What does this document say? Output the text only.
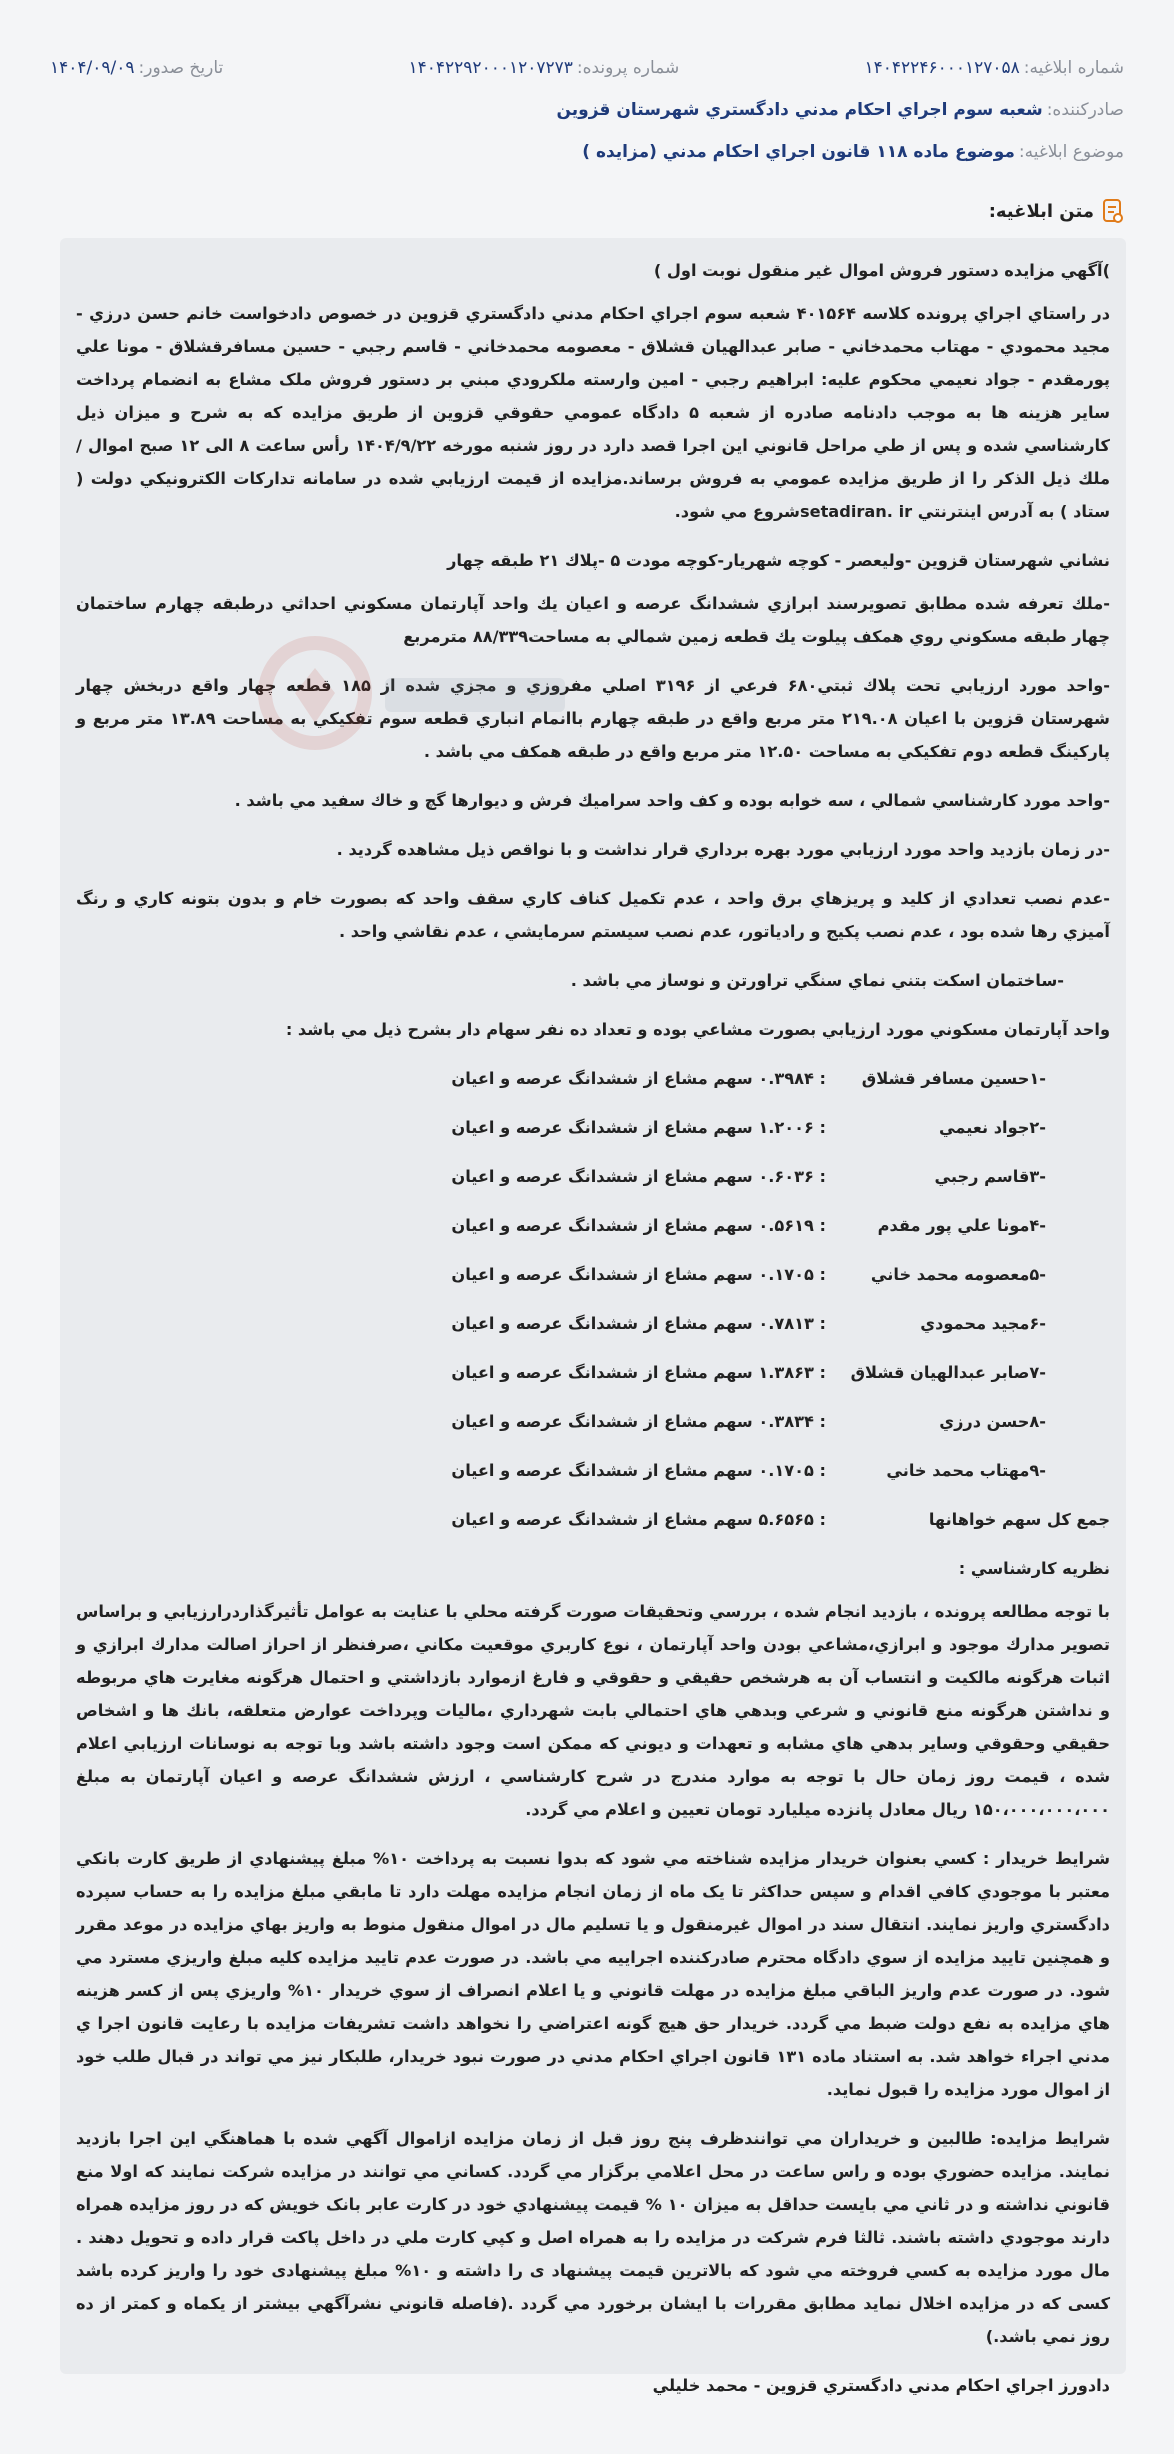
شماره ابلاغیه:
۱۴۰۴۲۲۴۶۰۰۰۱۲۷۰۵۸
شماره پرونده:
۱۴۰۴۲۲۹۲۰۰۰۱۲۰۷۲۷۳
تاریخ صدور:
۱۴۰۴/۰۹/۰۹
صادرکننده:
شعبه سوم اجراي احكام مدني دادگستري شهرستان قزوين
موضوع ابلاغیه:
موضوع ماده ۱۱۸ قانون اجراي احكام مدني (مزايده )
متن ابلاغیه:

)آگهي مزايده دستور فروش اموال غير منقول نوبت اول )

در راستاي اجراي پرونده كلاسه ۴۰۱۵۶۴ شعبه سوم اجراي احكام مدني دادگستري قزوين در خصوص دادخواست خانم حسن درزي - مجيد محمودي - مهتاب محمدخاني - صابر عبدالهيان قشلاق - معصومه محمدخاني - قاسم رجبي - حسين مسافرقشلاق - مونا علي پورمقدم - جواد نعيمي محکوم علیه: ابراهيم رجبي - امين وارسته ملكرودي مبني بر دستور فروش ملک مشاع به انضمام پرداخت ساير هزينه ها به موجب دادنامه صادره از شعبه ۵ دادگاه عمومي حقوقي قزوين از طريق مزايده که به شرح و ميزان ذيل كارشناسي شده و پس از طي مراحل قانوني اين اجرا قصد دارد در روز شنبه مورخه ۱۴۰۴/۹/۲۲ رأس ساعت ۸ الی ۱۲ صبح اموال / ملك ذيل الذكر را از طريق مزايده عمومي به فروش برساند.مزايده از قيمت ارزيابي شده در سامانه تداركات الكترونيكي دولت ( ستاد ) به آدرس اينترنتي setadiran. irشروع مي شود.

نشاني شهرستان قزوين -وليعصر - كوچه شهريار-كوچه مودت ۵ -پلاك ۲۱ طبقه چهار

-ملك تعرفه شده مطابق تصويرسند ابرازي ششدانگ عرصه و اعيان يك واحد آپارتمان مسكوني احداثي درطبقه چهارم ساختمان چهار طبقه مسكوني روي همكف پيلوت يك قطعه زمين شمالي به مساحت۸۸/۳۳۹ مترمربع

-واحد مورد ارزيابي تحت پلاك ثبتي۶۸۰ فرعي از ۳۱۹۶ اصلي مفروزي و مجزي شده از ۱۸۵ قطعه چهار واقع دربخش چهار شهرستان قزوين با اعيان ۲۱۹.۰۸ متر مربع واقع در طبقه چهارم باانمام انباري قطعه سوم تفكيكي به مساحت ۱۳.۸۹ متر مربع و پاركينگ قطعه دوم تفكيكي به مساحت ۱۲.۵۰ متر مربع واقع در طبقه همكف مي باشد .

-واحد مورد كارشناسي شمالي ، سه خوابه بوده و كف واحد سراميك فرش و ديوارها گچ و خاك سفيد مي باشد .

-در زمان بازديد واحد مورد ارزيابي مورد بهره برداري قرار نداشت و با نواقص ذيل مشاهده گرديد .

-عدم نصب تعدادي از كليد و پريزهاي برق واحد ، عدم تكميل كناف كاري سقف واحد كه بصورت خام و بدون بتونه كاري و رنگ آميزي رها شده بود ، عدم نصب پكيج و رادياتور، عدم نصب سيستم سرمايشي ، عدم نقاشي واحد .

-ساختمان اسكت بتني نماي سنگي تراورتن و نوساز مي باشد .

واحد آپارتمان مسكوني مورد ارزيابي بصورت مشاعي بوده و تعداد ده نفر سهام دار بشرح ذيل مي باشد :

-۱حسين مسافر قشلاق
: ۰.۳۹۸۴ سهم مشاع از ششدانگ عرصه و اعيان
-۲جواد نعيمي
: ۱.۲۰۰۶ سهم مشاع از ششدانگ عرصه و اعيان
-۳قاسم رجبي
: ۰.۶۰۳۶ سهم مشاع از ششدانگ عرصه و اعيان
-۴مونا علي پور مقدم
: ۰.۵۶۱۹ سهم مشاع از ششدانگ عرصه و اعيان
-۵معصومه محمد خاني
: ۰.۱۷۰۵ سهم مشاع از ششدانگ عرصه و اعيان
-۶مجيد محمودي
: ۰.۷۸۱۳ سهم مشاع از ششدانگ عرصه و اعيان
-۷صابر عبدالهيان قشلاق
: ۱.۳۸۶۳ سهم مشاع از ششدانگ عرصه و اعيان
-۸حسن درزي
: ۰.۳۸۳۴ سهم مشاع از ششدانگ عرصه و اعيان
-۹مهتاب محمد خاني
: ۰.۱۷۰۵ سهم مشاع از ششدانگ عرصه و اعيان
جمع كل سهم خواهانها
: ۵.۶۵۶۵ سهم مشاع از ششدانگ عرصه و اعيان

نظريه كارشناسي :

با توجه مطالعه پرونده ، بازديد انجام شده ، بررسي وتحقيقات صورت گرفته محلي با عنايت به عوامل تأثيرگذاردرارزيابي و براساس تصوير مدارك موجود و ابرازي،مشاعي بودن واحد آپارتمان ، نوع كاربري موقعيت مكاني ،صرفنظر از احراز اصالت مدارك ابرازي و اثبات هرگونه مالكيت و انتساب آن به هرشخص حقيقي و حقوقي و فارغ ازموارد بازداشتي و احتمال هرگونه مغايرت هاي مربوطه و نداشتن هرگونه منع قانوني و شرعي وبدهي هاي احتمالي بابت شهرداري ،ماليات وپرداخت عوارض متعلقه، بانك ها و اشخاص حقيقي وحقوقي وساير بدهي هاي مشابه و تعهدات و ديوني كه ممكن است وجود داشته باشد وبا توجه به نوسانات ارزيابي اعلام شده ، قيمت روز زمان حال با توجه به موارد مندرج در شرح كارشناسي ، ارزش ششدانگ عرصه و اعيان آپارتمان به مبلغ ۱۵۰،۰۰۰،۰۰۰،۰۰۰ ريال معادل پانزده ميليارد تومان تعيين و اعلام مي گردد.

شرايط خريدار : كسي بعنوان خريدار مزايده شناخته مي شود كه بدوا نسبت به پرداخت ۱۰% مبلغ پيشنهادي از طريق كارت بانكي معتبر با موجودي كافي اقدام و سپس حداكثر تا يک ماه از زمان انجام مزايده مهلت دارد تا مابقي مبلغ مزايده را به حساب سپرده دادگستري واريز نمايند. انتقال سند در اموال غيرمنقول و يا تسليم مال در اموال منقول منوط به واريز بهاي مزايده در موعد مقرر و همچنين تاييد مزايده از سوي دادگاه محترم صادرکننده اجراييه مي باشد. در صورت عدم تاييد مزايده کليه مبلغ واريزي مسترد مي شود. در صورت عدم واريز الباقي مبلغ مزايده در مهلت قانوني و يا اعلام انصراف از سوي خريدار ۱۰% واريزي پس از کسر هزينه هاي مزايده به نفع دولت ضبط مي گردد. خريدار حق هيچ گونه اعتراضي را نخواهد داشت تشريفات مزايده با رعايت قانون اجرا ي مدني اجراء خواهد شد. به استناد ماده ۱۳۱ قانون اجراي احکام مدني در صورت نبود خريدار، طلبکار نيز مي تواند در قبال طلب خود از اموال مورد مزايده را قبول نمايد.

شرايط مزايده: طالبين و خريداران مي توانندظرف پنج روز قبل از زمان مزايده ازاموال آگهي شده با هماهنگي اين اجرا بازديد نمايند. مزايده حضوري بوده و راس ساعت در محل اعلامي برگزار مي گردد. كساني مي توانند در مزايده شركت نمايند كه اولا منع قانوني نداشته و در ثاني مي بايست حداقل به ميزان ۱۰ % قيمت پيشنهادي خود در كارت عابر بانک خويش كه در روز مزايده همراه دارند موجودي داشته باشند. ثالثا فرم شركت در مزايده را به همراه اصل و كپي كارت ملي در داخل پاكت قرار داده و تحويل دهند . مال مورد مزايده به كسي فروخته مي شود كه بالاترين قيمت پيشنهاد ی را داشته و ۱۰% مبلغ پيشنهادی خود را واريز كرده باشد كسی كه در مزايده اخلال نمايد مطابق مقررات با ايشان برخورد مي گردد .(فاصله قانوني نشرآگهي بيشتر از يكماه و كمتر از ده روز نمي باشد.)

دادورز اجراي احكام مدني دادگستري قزوين - محمد خليلي
